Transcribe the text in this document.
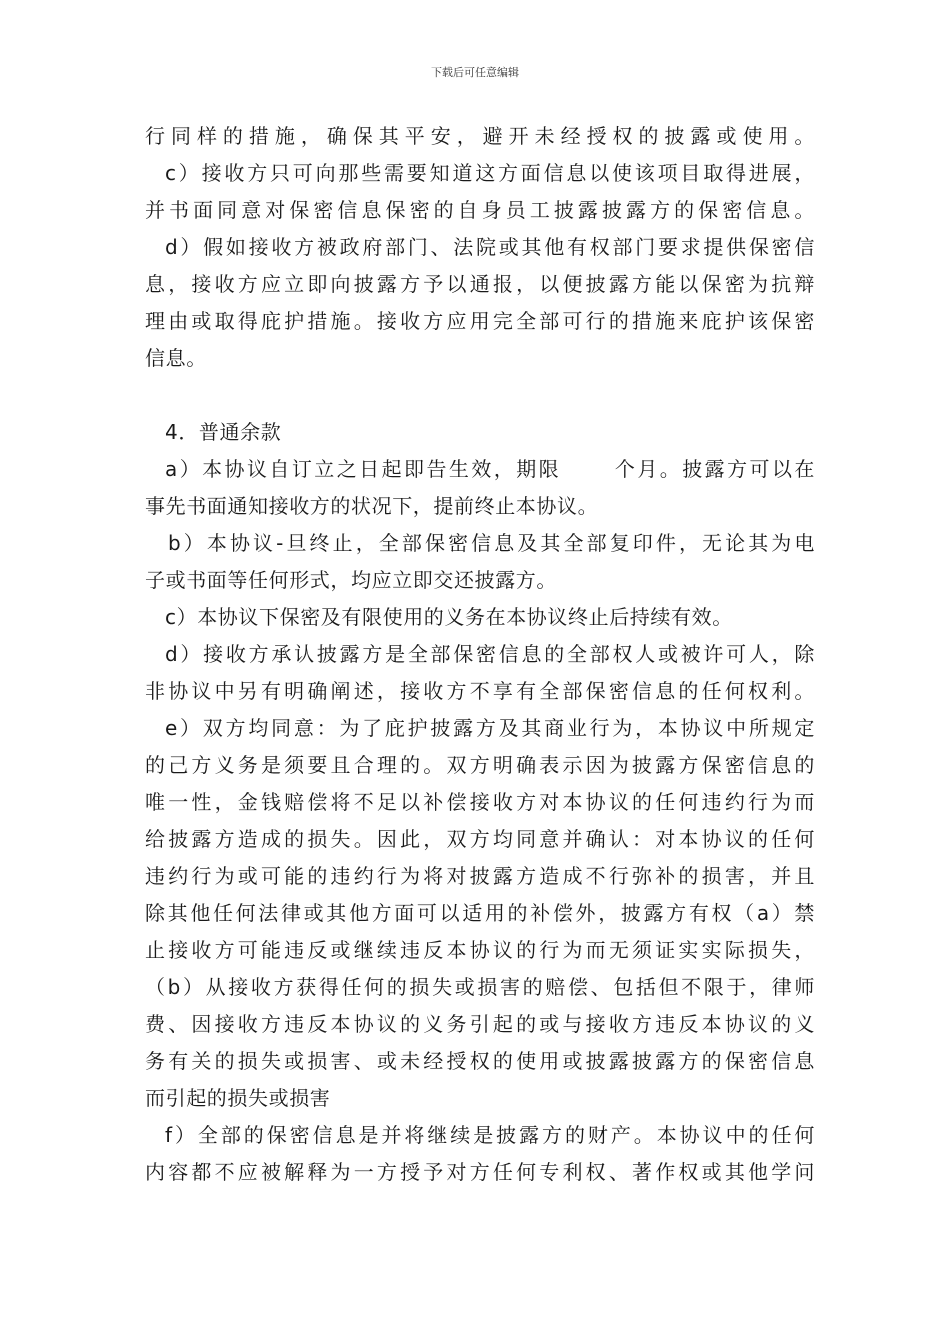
下载后可任意编辑
行同样的措施，确保其平安，避开未经授权的披露或使用。
c）接收方只可向那些需要知道这方面信息以使该项目取得进展，
并书面同意对保密信息保密的自身员工披露披露方的保密信息。
d）假如接收方被政府部门、法院或其他有权部门要求提供保密信
息，接收方应立即向披露方予以通报，以便披露方能以保密为抗辩
理由或取得庇护措施。接收方应用完全部可行的措施来庇护该保密
信息。
4．普通余款
a）本协议自订立之日起即告生效，期限	个月。披露方可以在
事先书面通知接收方的状况下，提前终止本协议。
b）本协议-旦终止，全部保密信息及其全部复印件，无论其为电
子或书面等任何形式，均应立即交还披露方。
c）本协议下保密及有限使用的义务在本协议终止后持续有效。
d）接收方承认披露方是全部保密信息的全部权人或被许可人，除
非协议中另有明确阐述，接收方不享有全部保密信息的任何权利。
e）双方均同意：为了庇护披露方及其商业行为，本协议中所规定
的己方义务是须要且合理的。双方明确表示因为披露方保密信息的
唯一性，金钱赔偿将不足以补偿接收方对本协议的任何违约行为而
给披露方造成的损失。因此，双方均同意并确认：对本协议的任何
违约行为或可能的违约行为将对披露方造成不行弥补的损害，并且
除其他任何法律或其他方面可以适用的补偿外，披露方有权（a）禁
止接收方可能违反或继续违反本协议的行为而无须证实实际损失，
（b）从接收方获得任何的损失或损害的赔偿、包括但不限于，律师
费、因接收方违反本协议的义务引起的或与接收方违反本协议的义
务有关的损失或损害、或未经授权的使用或披露披露方的保密信息
而引起的损失或损害
f）全部的保密信息是并将继续是披露方的财产。本协议中的任何
内容都不应被解释为一方授予对方任何专利权、著作权或其他学问
